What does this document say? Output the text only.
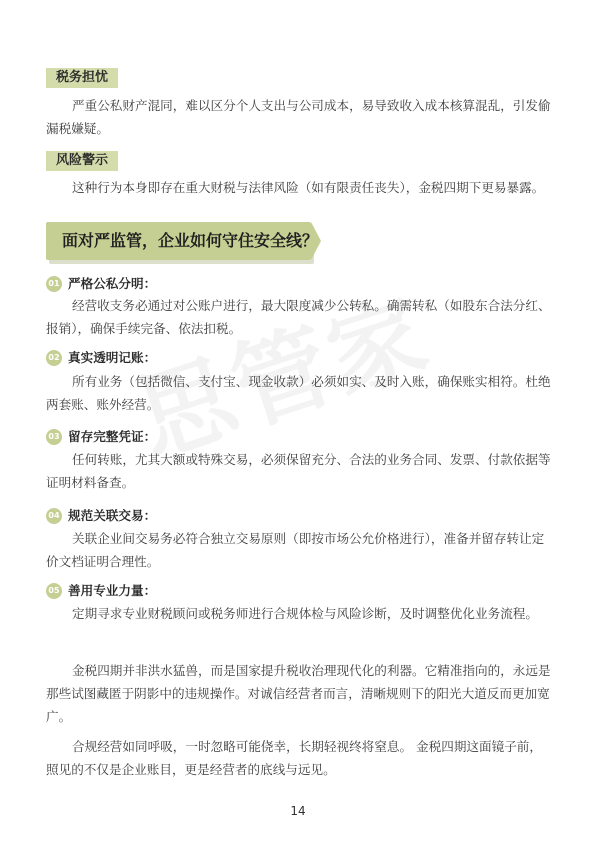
税务担忧

严重公私财产混同，难以区分个人支出与公司成本，易导致收入成本核算混乱，引发偷漏税嫌疑。

风险警示

这种行为本身即存在重大财税与法律风险（如有限责任丧失），金税四期下更易暴露。

面对严监管，企业如何守住安全线？
01 严格公私分明：

经营收支务必通过对公账户进行，最大限度减少公转私。确需转私（如股东合法分红、报销），确保手续完备、依法扣税。

02 真实透明记账：

所有业务（包括微信、支付宝、现金收款）必须如实、及时入账，确保账实相符。杜绝两套账、账外经营。

03 留存完整凭证：

任何转账，尤其大额或特殊交易，必须保留充分、合法的业务合同、发票、付款依据等证明材料备查。

04 规范关联交易：

关联企业间交易务必符合独立交易原则（即按市场公允价格进行），准备并留存转让定价文档证明合理性。

05 善用专业力量：

定期寻求专业财税顾问或税务师进行合规体检与风险诊断，及时调整优化业务流程。

金税四期并非洪水猛兽，而是国家提升税收治理现代化的利器。它精准指向的，永远是那些试图藏匿于阴影中的违规操作。对诚信经营者而言，清晰规则下的阳光大道反而更加宽广。

合规经营如同呼吸，一时忽略可能侥幸，长期轻视终将窒息。 金税四期这面镜子前，照见的不仅是企业账目，更是经营者的底线与远见。

14
